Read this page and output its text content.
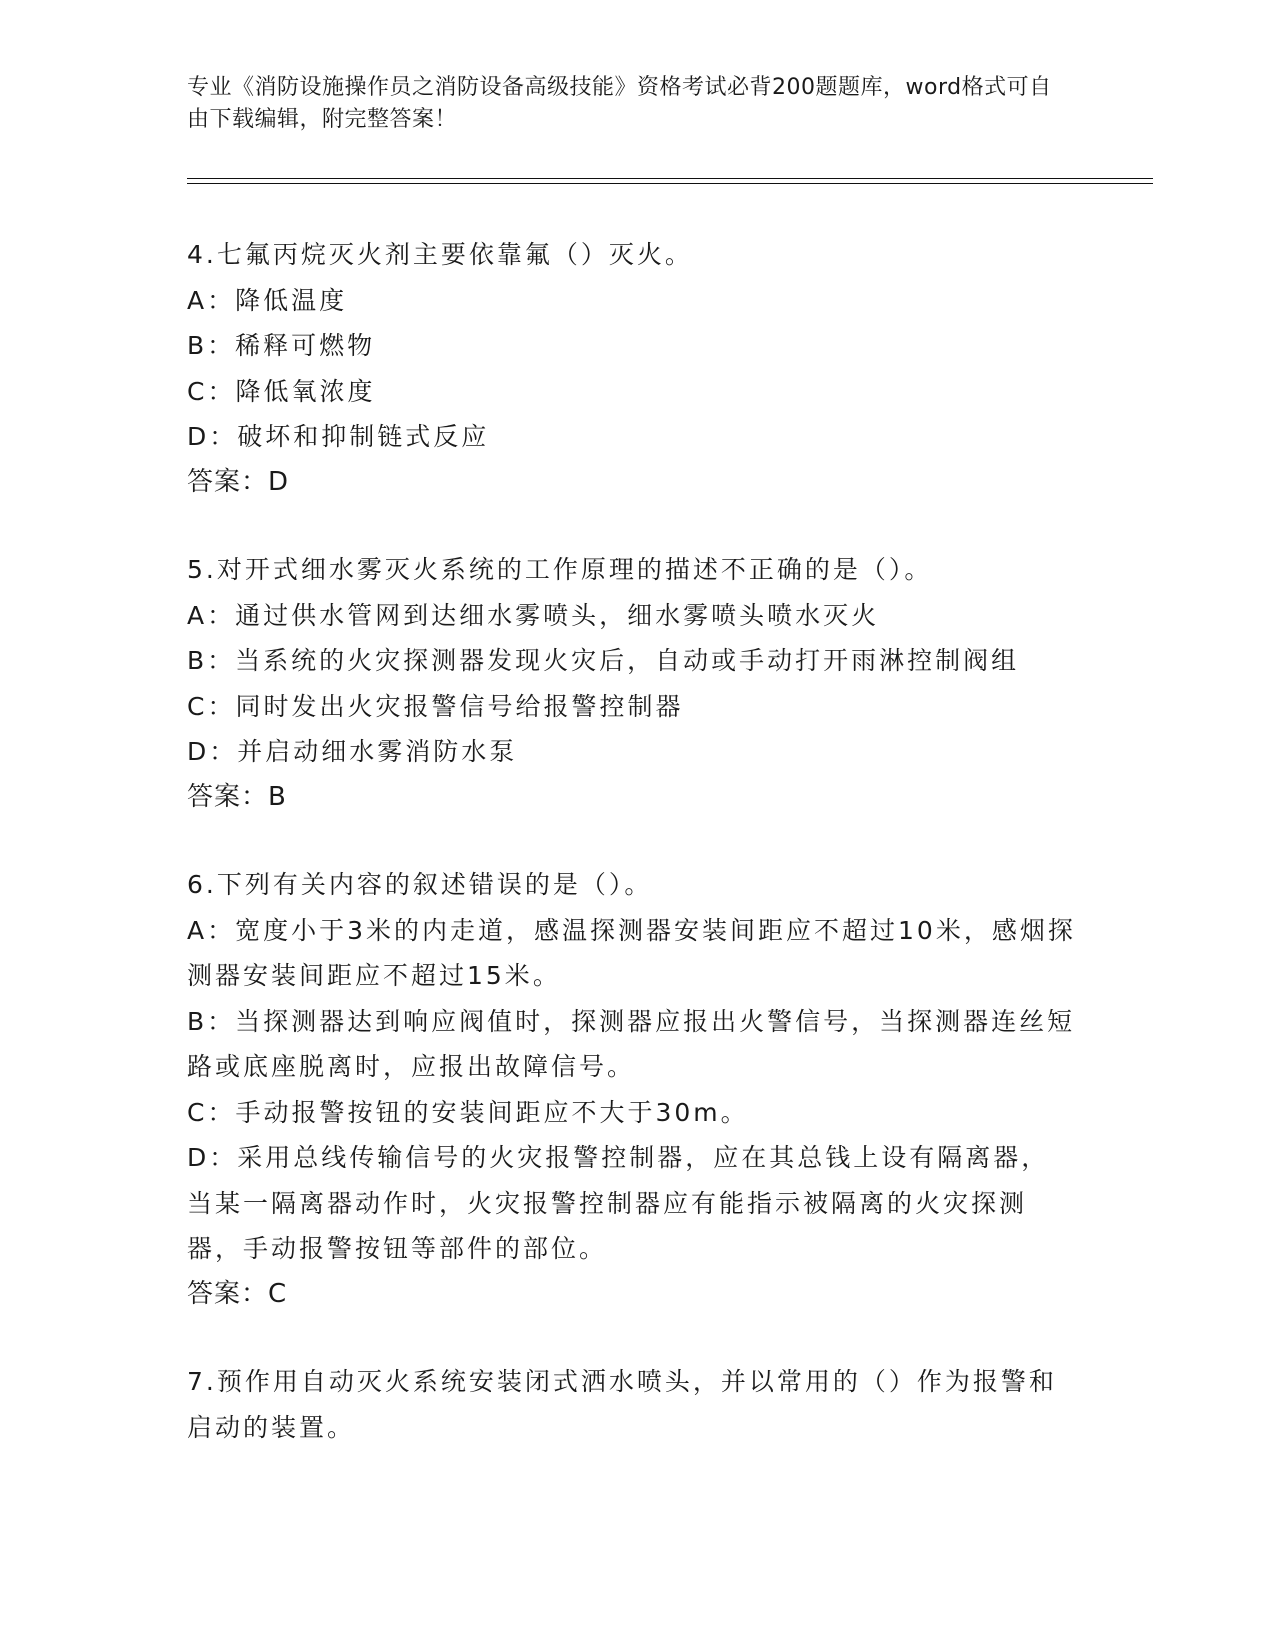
专业《消防设施操作员之消防设备高级技能》资格考试必背200题题库，word格式可自由下载编辑，附完整答案！

4.七氟丙烷灭火剂主要依靠氟（）灭火。

A：降低温度

B：稀释可燃物

C：降低氧浓度

D：破坏和抑制链式反应

答案：D

5.对开式细水雾灭火系统的工作原理的描述不正确的是（）。

A：通过供水管网到达细水雾喷头，细水雾喷头喷水灭火

B：当系统的火灾探测器发现火灾后，自动或手动打开雨淋控制阀组

C：同时发出火灾报警信号给报警控制器

D：并启动细水雾消防水泵

答案：B

6.下列有关内容的叙述错误的是（）。

A：宽度小于3米的内走道，感温探测器安装间距应不超过10米，感烟探测器安装间距应不超过15米。

B：当探测器达到响应阀值时，探测器应报出火警信号，当探测器连丝短路或底座脱离时，应报出故障信号。

C：手动报警按钮的安装间距应不大于30m。

D：采用总线传输信号的火灾报警控制器，应在其总钱上设有隔离器，当某一隔离器动作时，火灾报警控制器应有能指示被隔离的火灾探测器，手动报警按钮等部件的部位。

答案：C

7.预作用自动灭火系统安装闭式洒水喷头，并以常用的（）作为报警和启动的装置。
